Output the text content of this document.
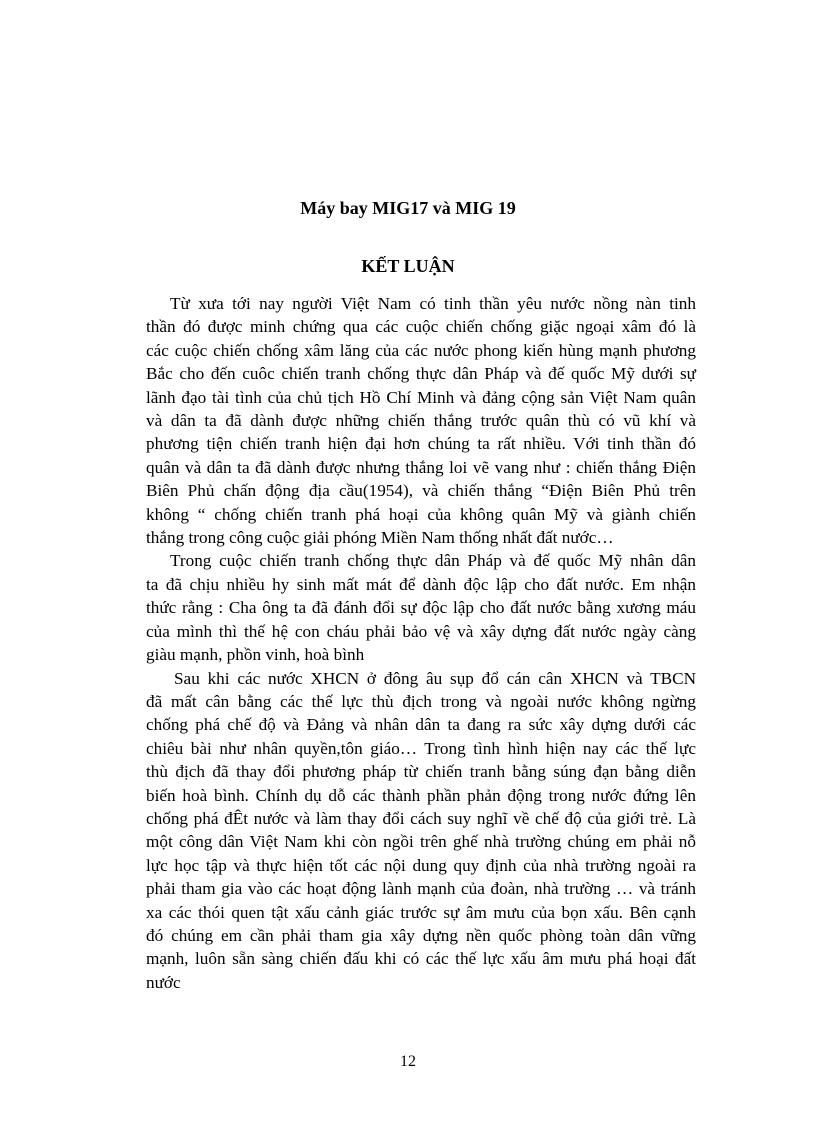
Máy bay MIG17 và MIG 19
KẾT LUẬN

Từ xưa tới nay người Việt Nam có tinh thần yêu nước nồng nàn tinh
thần đó được minh chứng qua các cuộc chiến chống giặc ngoại xâm đó là
các cuộc chiến chống xâm lăng của các nước phong kiến hùng mạnh phương
Bắc cho đến cuôc chiến tranh chống thực dân Pháp và đế quốc Mỹ dưới sự
lãnh đạo tài tình của chủ tịch Hồ Chí Minh và đảng cộng sản Việt Nam quân
và dân ta đã dành được những chiến thắng trước quân thù có vũ khí và
phương tiện chiến tranh hiện đại hơn chúng ta rất nhiều. Với tinh thần đó
quân và dân ta đã dành được nhưng thắng loi vẽ vang như : chiến thắng Điện
Biên Phủ chấn động địa cầu(1954), và chiến thắng “Điện Biên Phủ trên
không “ chống chiến tranh phá hoại của không quân Mỹ và giành chiến
thắng trong công cuộc giải phóng Miền Nam thống nhất đất nước…

Trong cuộc chiến tranh chống thực dân Pháp và đế quốc Mỹ nhân dân
ta đã chịu nhiều hy sinh mất mát để dành độc lập cho đất nước. Em nhận
thức rằng : Cha ông ta đã đánh đổi sự độc lập cho đất nước bằng xương máu
của mình thì thế hệ con cháu phải bảo vệ và xây dựng đất nước ngày càng
giàu mạnh, phồn vinh, hoà bình

Sau khi các nước XHCN ở đông âu sụp đổ cán cân XHCN và TBCN
đã mất cân bằng các thế lực thù địch trong và ngoài nước không ngừng
chống phá chế độ và Đảng và nhân dân ta đang ra sức xây dựng dưới các
chiêu bài như nhân quyền,tôn giáo… Trong tình hình hiện nay các thế lực
thù địch đã thay đổi phương pháp từ chiến tranh bằng súng đạn bằng diễn
biến hoà bình. Chính dụ dỗ các thành phần phản động trong nước đứng lên
chống phá đÊt nước và làm thay đổi cách suy nghĩ về chế độ của giới trẻ. Là
một công dân Việt Nam khi còn ngồi trên ghế nhà trường chúng em phải nỗ
lực học tập và thực hiện tốt các nội dung quy định của nhà trường ngoài ra
phải tham gia vào các hoạt động lành mạnh của đoàn, nhà trường … và tránh
xa các thói quen tật xấu cảnh giác trước sự âm mưu của bọn xấu. Bên cạnh
đó chúng em cần phải tham gia xây dựng nền quốc phòng toàn dân vững
mạnh, luôn sẵn sàng chiến đấu khi có các thế lực xấu âm mưu phá hoại đất
nước

12
